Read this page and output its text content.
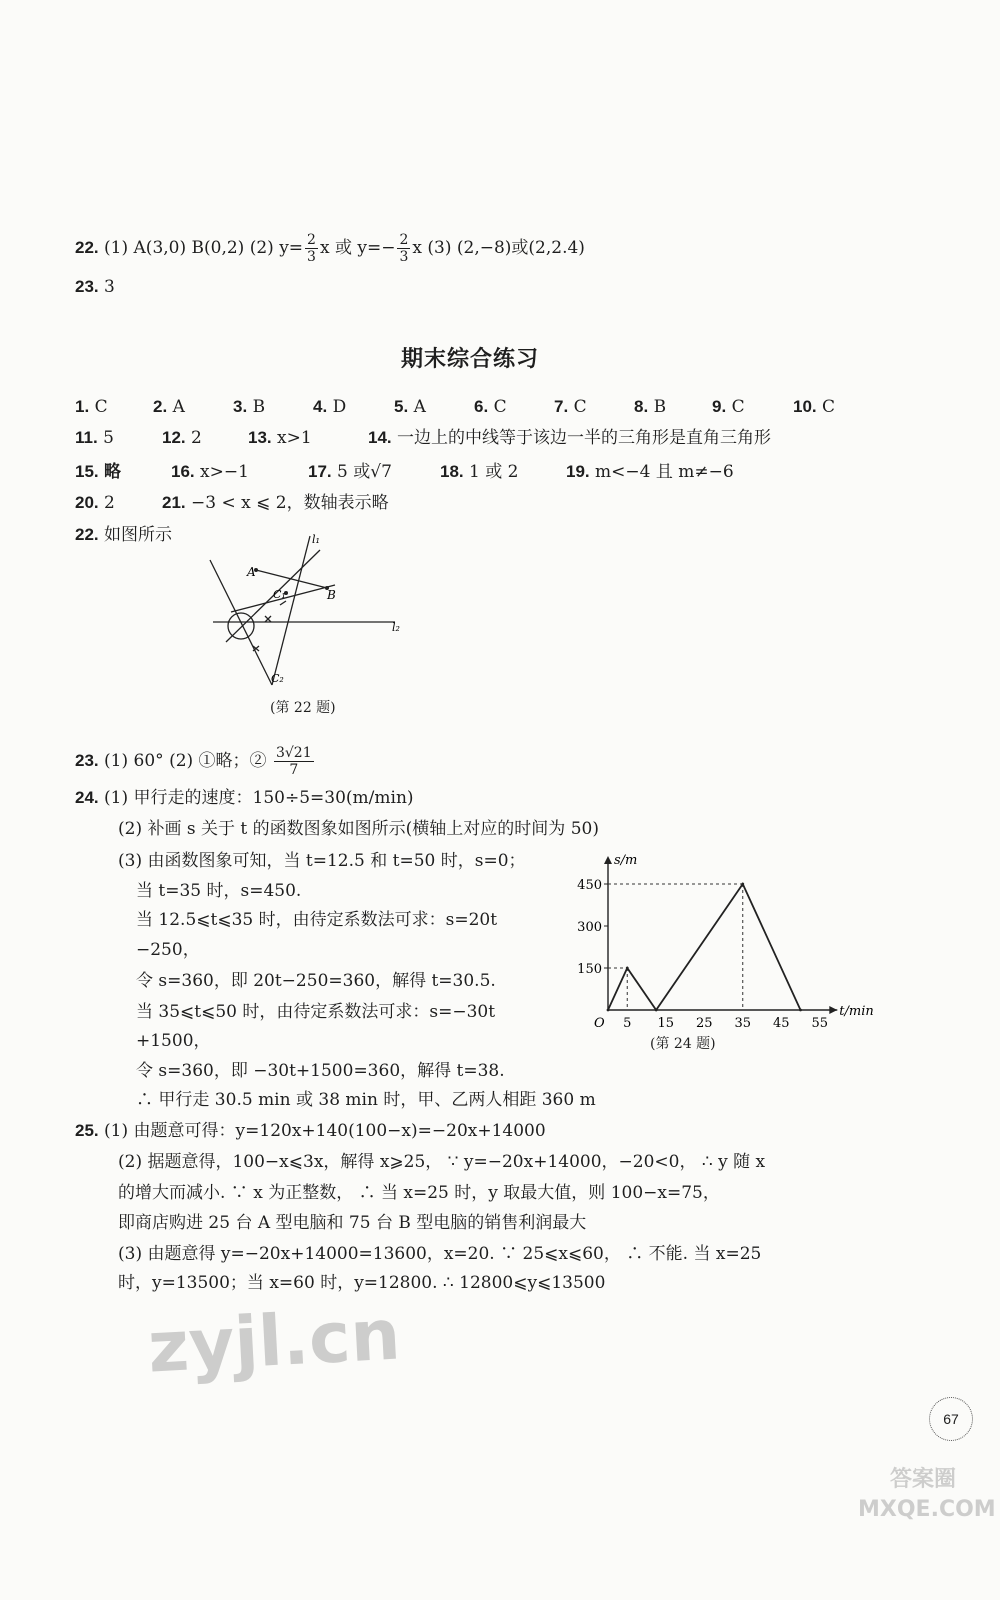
22. (1) A(3,0) B(0,2) (2) $y= \frac{2}{3}$ x 或 $y=- \frac{2}{3}$ x (3) (2,−8)或(2,2.4)
23. 3
期末综合练习
1. C	2. A	3. B	4. D	5. A	6. C	7. C	8. B	9. C	10. C
11. 5	12. 2	13. x>1	14. 一边上的中线等于该边一半的三角形是直角三角形
15. 略	16. x>−1	17. 5 或√7	18. 1 或 2	19. m<−4 且 m≠−6
20. 2	21. −3 < x ⩽ 2，数轴表示略
22. 如图所示
A
B
C₁
C₂
l₁
l₂
(第 22 题)
23. (1) 60° (2) ①略；② $\frac{3√21}{7}$
24. (1) 甲行走的速度：150÷5=30(m/min)
(2) 补画 s 关于 t 的函数图象如图所示(横轴上对应的时间为 50)
(3) 由函数图象可知，当 t=12.5 和 t=50 时，s=0；
当 t=35 时，s=450.
当 12.5⩽t⩽35 时，由待定系数法可求：s=20t
−250，
令 s=360，即 20t−250=360，解得 t=30.5.
当 35⩽t⩽50 时，由待定系数法可求：s=−30t
+1500，
令 s=360，即 −30t+1500=360，解得 t=38.
∴ 甲行走 30.5 min 或 38 min 时，甲、乙两人相距 360 m
s/m
t/min
O 5 15 25 35 45 55
150
300
450
(第 24 题)
25. (1) 由题意可得：y=120x+140(100−x)=−20x+14000
(2) 据题意得，100−x⩽3x，解得 x⩾25， ∵ y=−20x+14000，−20<0， ∴ y 随 x
的增大而减小. ∵ x 为正整数， ∴ 当 x=25 时，y 取最大值，则 100−x=75，
即商店购进 25 台 A 型电脑和 75 台 B 型电脑的销售利润最大
(3) 由题意得 y=−20x+14000=13600，x=20. ∵ 25⩽x⩽60， ∴ 不能. 当 x=25
时，y=13500；当 x=60 时，y=12800. ∴ 12800⩽y⩽13500
zyjl.cn
答案圈 MXQE.COM
67
